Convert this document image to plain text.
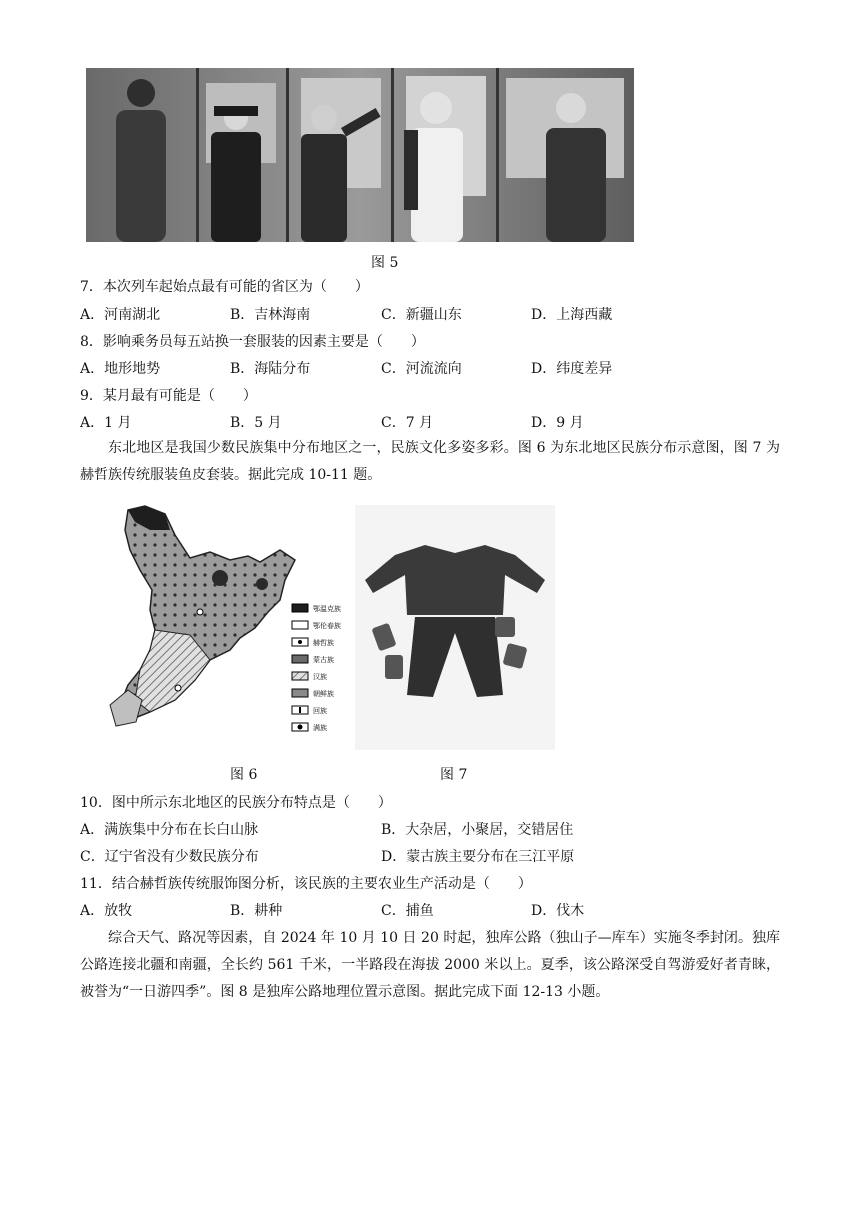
图 5
7．本次列车起始点最有可能的省区为（　　）
A．河南湖北	B．吉林海南	C．新疆山东	D．上海西藏
8．影响乘务员每五站换一套服装的因素主要是（　　）
A．地形地势	B．海陆分布	C．河流流向	D．纬度差异
9．某月最有可能是（　　）
A．1 月	B．5 月	C．7 月	D．9 月
东北地区是我国少数民族集中分布地区之一，民族文化多姿多彩。图 6 为东北地区民族分布示意图，图 7 为赫哲族传统服装鱼皮套装。据此完成 10-11 题。
鄂温克族
鄂伦春族
赫哲族
蒙古族
汉族
朝鲜族
回族
满族
图 6	图 7
10．图中所示东北地区的民族分布特点是（　　）
A．满族集中分布在长白山脉	B．大杂居，小聚居，交错居住
C．辽宁省没有少数民族分布	D．蒙古族主要分布在三江平原
11．结合赫哲族传统服饰图分析，该民族的主要农业生产活动是（　　）
A．放牧	B．耕种	C．捕鱼	D．伐木
综合天气、路况等因素，自 2024 年 10 月 10 日 20 时起，独库公路（独山子—库车）实施冬季封闭。独库公路连接北疆和南疆，全长约 561 千米，一半路段在海拔 2000 米以上。夏季，该公路深受自驾游爱好者青睐，被誉为“一日游四季”。图 8 是独库公路地理位置示意图。据此完成下面 12-13 小题。
